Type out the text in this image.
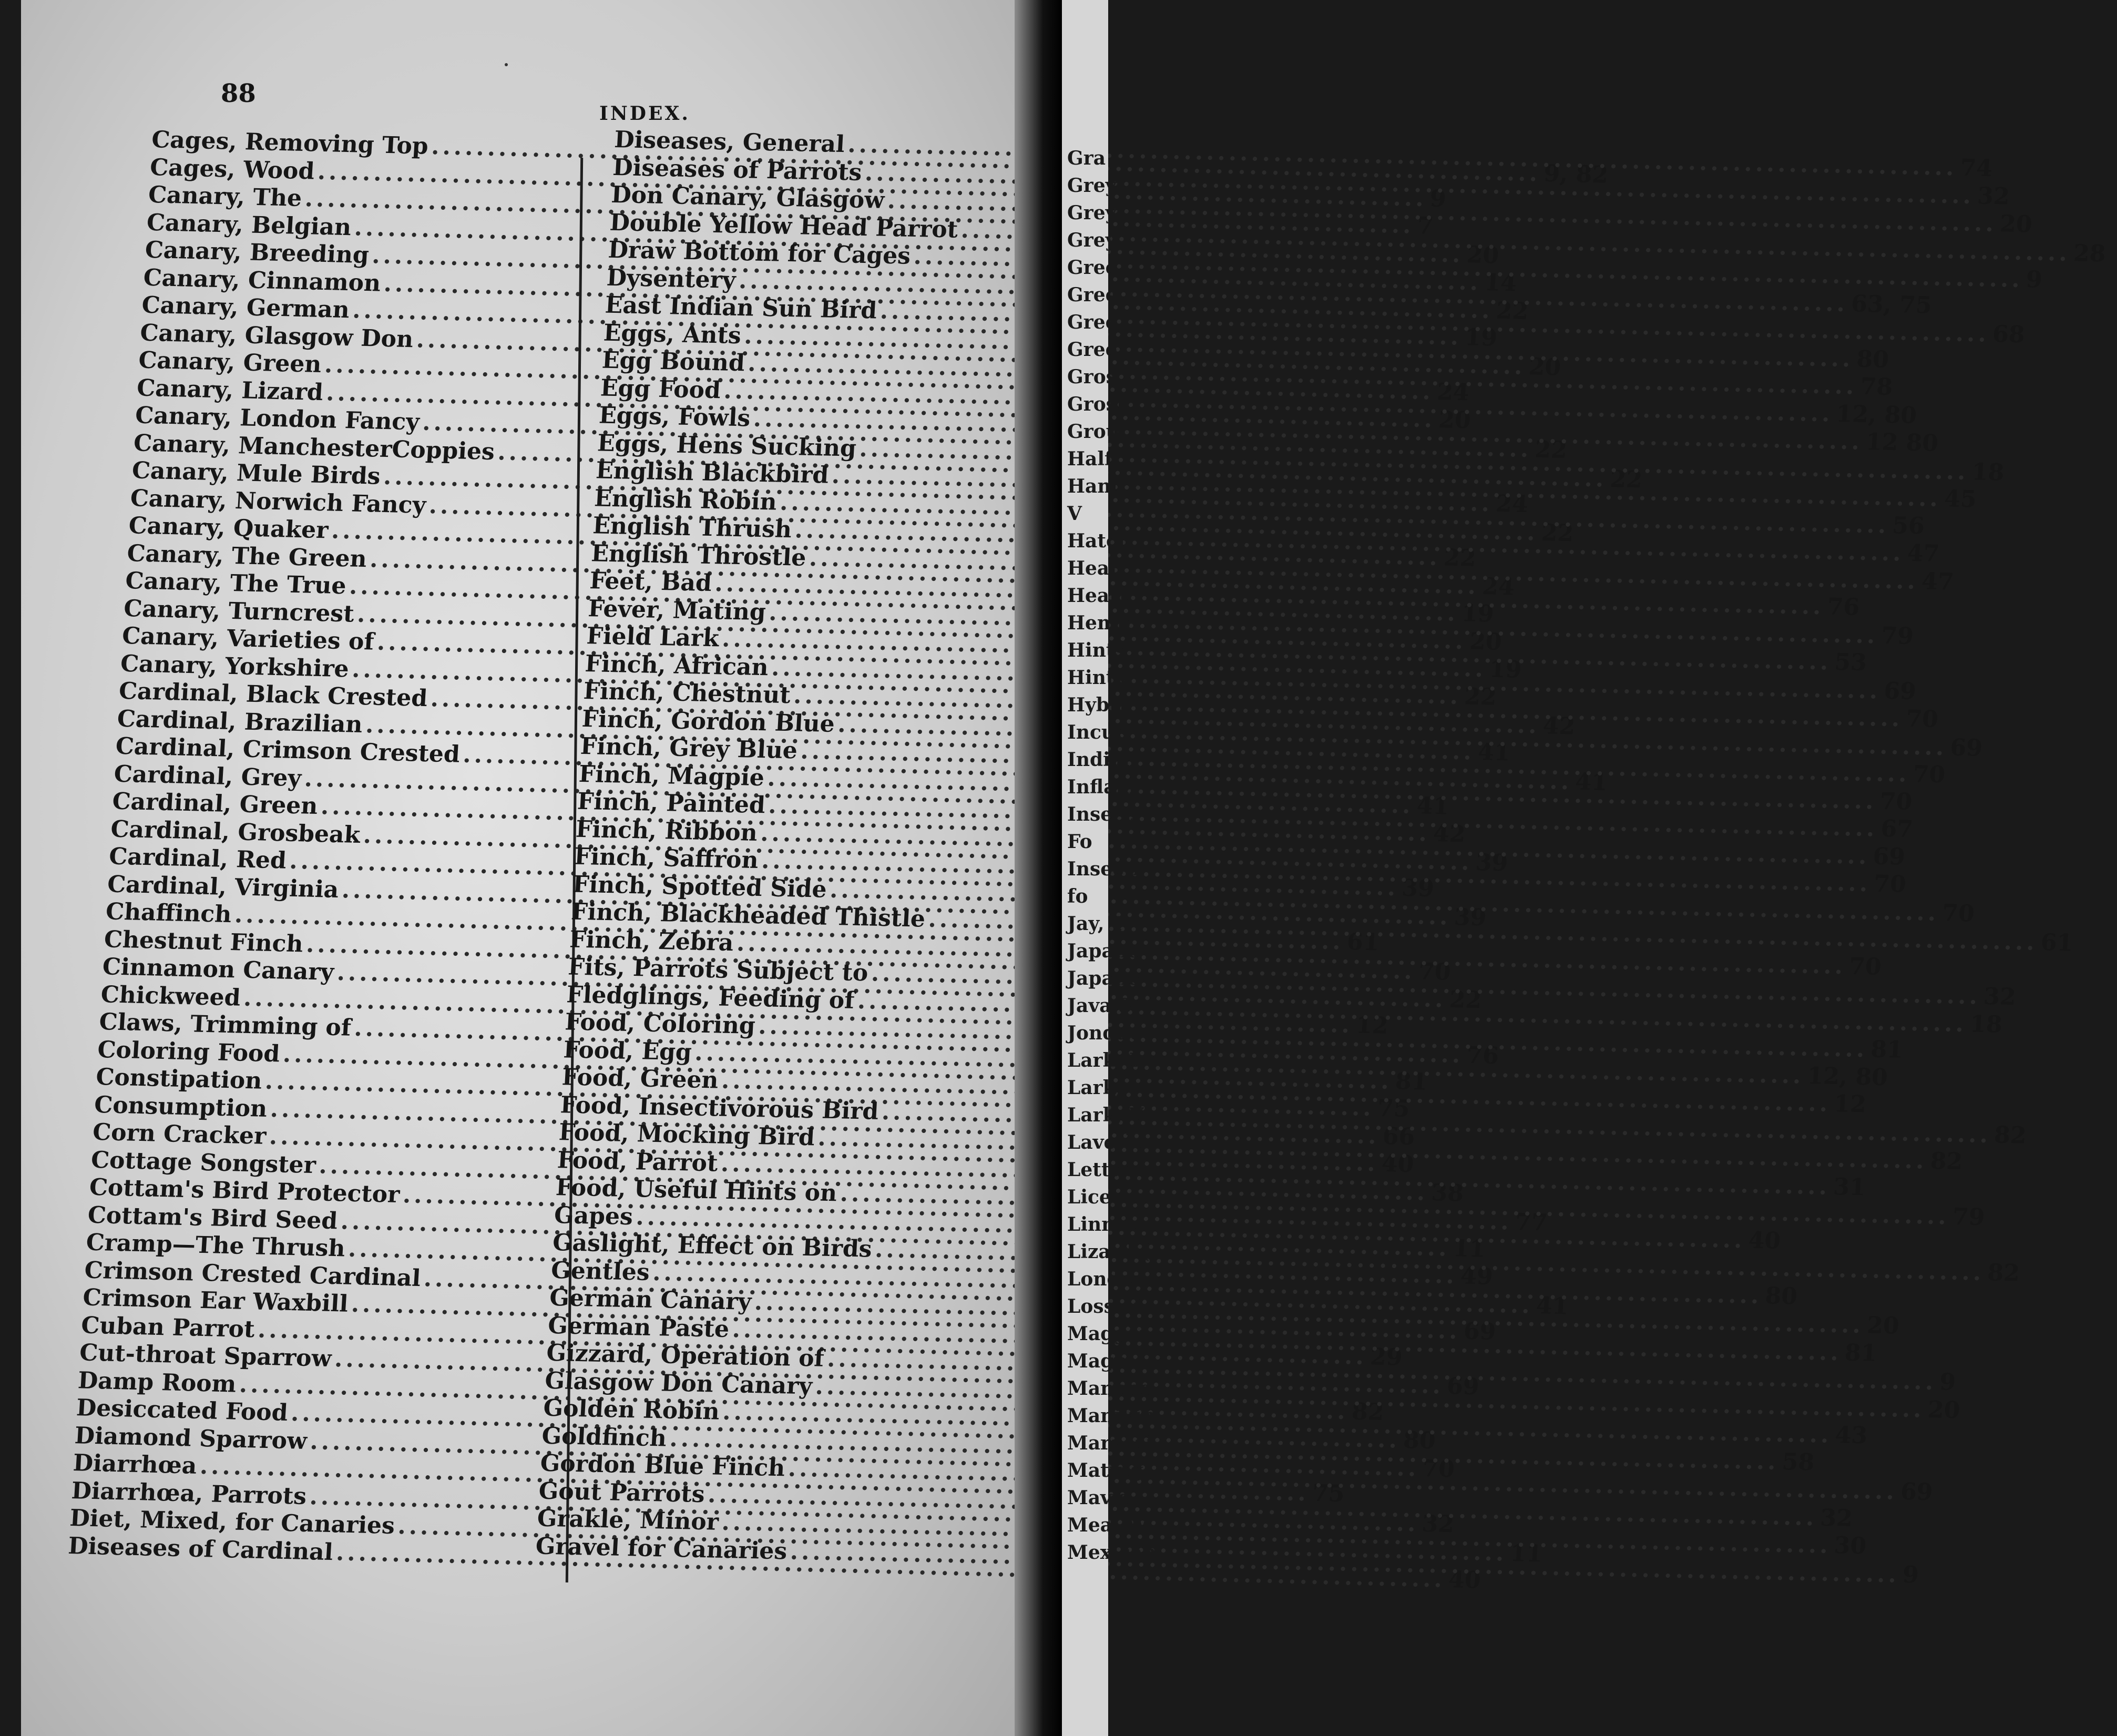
88
INDEX.
Cages, Removing Top
.....
9, 82
Cages, Wood
.....
9
Canary, The
.....
7
Canary, Belgian
.....
20
Canary, Breeding
.....
14
Canary, Cinnamon
.....
22
Canary, German
.....
19
Canary, Glasgow Don
.....
20
Canary, Green
.....
24
Canary, Lizard
.....
20
Canary, London Fancy
.....
22
Canary, ManchesterCoppies
.....
22
Canary, Mule Birds
.....
24
Canary, Norwich Fancy
.....
22
Canary, Quaker
.....
22
Canary, The Green
.....
24
Canary, The True
.....
19
Canary, Turncrest
.....
20
Canary, Varieties of
.....
19
Canary, Yorkshire
.....
22
Cardinal, Black Crested
.....
42
Cardinal, Brazilian
.....
41
Cardinal, Crimson Crested
.....
41
Cardinal, Grey
.....
41
Cardinal, Green
.....
42
Cardinal, Grosbeak
.....
39
Cardinal, Red
.....
39
Cardinal, Virginia
.....
39
Chaffinch
.....
61
Chestnut Finch
.....
70
Cinnamon Canary
.....
22
Chickweed
.....
12
Claws, Trimming of
.....
76
Coloring Food
.....
81
Constipation
.....
75
Consumption
.....
66
Corn Cracker
.....
40
Cottage Songster
.....
38
Cottam's Bird Protector
.....
77
Cottam's Bird Seed
.....
11
Cramp—The Thrush
.....
49
Crimson Crested Cardinal
.....
41
Crimson Ear Waxbill
.....
69
Cuban Parrot
.....
29
Cut-throat Sparrow
.....
69
Damp Room
.....
82
Desiccated Food
.....
80
Diamond Sparrow
.....
70
Diarrhœa
.....
75
Diarrhœa, Parrots
.....
32
Diet, Mixed, for Canaries
.....
11
Diseases of Cardinal
.....
40
Diseases, General
.....
74
Diseases of Parrots
.....
32
Don Canary, Glasgow
.....
20
Double Yellow Head Parrot
.....
28
Draw Bottom for Cages
.....
9
Dysentery
.....
63, 75
East Indian Sun Bird
.....
68
Eggs, Ants
.....
80
Egg Bound
.....
78
Egg Food
.....
12, 80
Eggs, Fowls
.....
12 80
Eggs, Hens Sucking
.....
18
English Blackbird
.....
45
English Robin
.....
56
English Thrush
.....
47
English Throstle
.....
47
Feet, Bad
.....
76
Fever, Mating
.....
79
Field Lark
.....
53
Finch, African
.....
69
Finch, Chestnut
.....
70
Finch, Gordon Blue
.....
69
Finch, Grey Blue
.....
70
Finch, Magpie
.....
70
Finch, Painted
.....
67
Finch, Ribbon
.....
69
Finch, Saffron
.....
70
Finch, Spotted Side
.....
70
Finch, Blackheaded Thistle
.....
61
Finch, Zebra
.....
70
Fits, Parrots Subject to
.....
32
Fledglings, Feeding of
.....
18
Food, Coloring
.....
81
Food, Egg
.....
12, 80
Food, Green
.....
12
Food, Insectivorous Bird
.....
82
Food, Mocking Bird
.....
82
Food, Parrot
.....
31
Food, Useful Hints on
.....
79
Gapes
.....
40
Gaslight, Effect on Birds
.....
82
Gentles
.....
80
German Canary
.....
20
German Paste
.....
81
Gizzard, Operation of
.....
9
Glasgow Don Canary
.....
20
Golden Robin
.....
43
Goldfinch
.....
58
Gordon Blue Finch
.....
69
Gout Parrots
.....
32
Grakle, Minor
.....
30
Gravel for Canaries
.....
9
Gra
Grey
Grey
Grey
Gree
Gree
Gree
Gree
Gros
Grosl
Grou
Half-
Hang
V
Hatch
Healt
Heart
Hemp
Hints
Hints
Hybri
Incub
Indian
Inflam
Insect
Fo
Insecti
fo
Jay, T
Japane
Japane
Java S
Jonque
Lark, I
Lark, .
Lark, V
Laverlo
Lettuce
Lice . .
Linnet.
Lizard (
London
Loss of
Maggot
Magpie
Manche
Manikin
Maracai
Mating
Mavis .
Meal W
Mexican
